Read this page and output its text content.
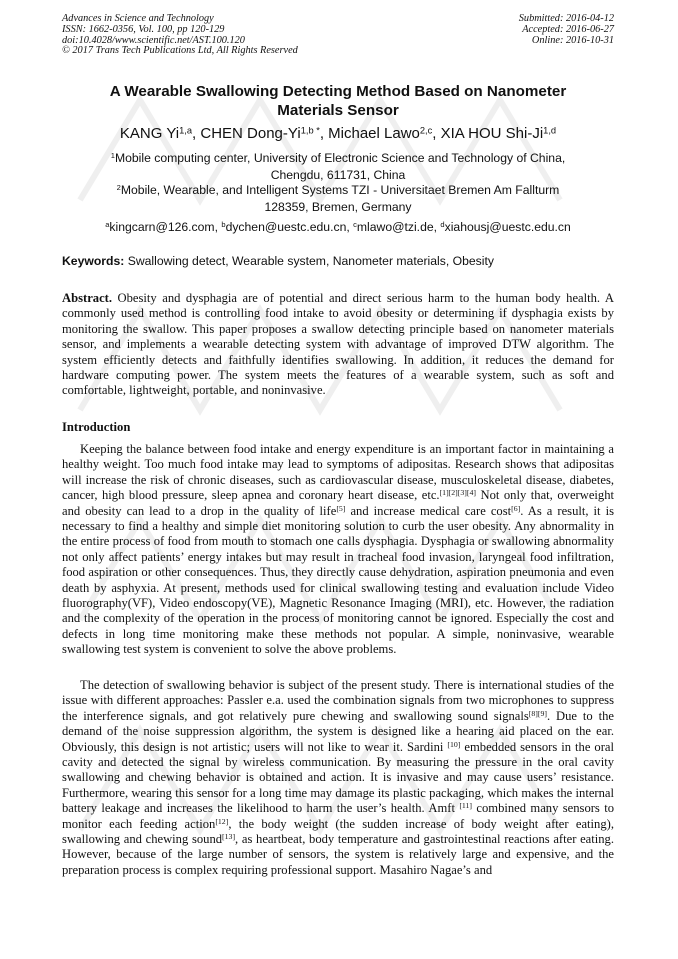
Advances in Science and Technology
ISSN: 1662-0356, Vol. 100, pp 120-129
doi:10.4028/www.scientific.net/AST.100.120
© 2017 Trans Tech Publications Ltd, All Rights Reserved
Submitted: 2016-04-12
Accepted: 2016-06-27
Online: 2016-10-31
A Wearable Swallowing Detecting Method Based on Nanometer
Materials Sensor
KANG Yi$^{1,a}$, CHEN Dong-$Yi^{1,b *}$, Michael Lawo$^{2,c}$, XIA HOU Shi-Ji$^{1,d}$
$^1$Mobile computing center, University of Electronic Science and Technology of China,
Chengdu, 611731, China
$^2$Mobile, Wearable, and Intelligent Systems TZI - Universitaet Bremen Am Fallturm
128359, Bremen, Germany
$^a$kingcarn@126.com, $^b$dychen@uestc.edu.cn, $^c$mlawo@tzi.de, $^d$xiahousj@uestc.edu.cn
Keywords: Swallowing detect, Wearable system, Nanometer materials, Obesity
Abstract. Obesity and dysphagia are of potential and direct serious harm to the human body health. A commonly used method is controlling food intake to avoid obesity or determining if dysphagia exists by monitoring the swallow. This paper proposes a swallow detecting principle based on nanometer materials sensor, and implements a wearable detecting system with advantage of improved DTW algorithm. The system efficiently detects and faithfully identifies swallowing. In addition, it reduces the demand for hardware computing power. The system meets the features of a wearable system, such as soft and comfortable, lightweight, portable, and noninvasive.
Introduction
Keeping the balance between food intake and energy expenditure is an important factor in maintaining a healthy weight. Too much food intake may lead to symptoms of adipositas. Research shows that adipositas will increase the risk of chronic diseases, such as cardiovascular disease, musculoskeletal disease, diabetes, cancer, high blood pressure, sleep apnea and coronary heart disease, etc.[1][2][3][4] Not only that, overweight and obesity can lead to a drop in the quality of life[5] and increase medical care cost[6]. As a result, it is necessary to find a healthy and simple diet monitoring solution to curb the user obesity. Any abnormality in the entire process of food from mouth to stomach one calls dysphagia. Dysphagia or swallowing abnormality not only affect patients’ energy intakes but may result in tracheal food invasion, laryngeal food infiltration, food aspiration or other consequences. Thus, they directly cause dehydration, aspiration pneumonia and even death by asphyxia. At present, methods used for clinical swallowing testing and evaluation include Video fluorography(VF), Video endoscopy(VE), Magnetic Resonance Imaging (MRI), etc. However, the radiation and the complexity of the operation in the process of monitoring cannot be ignored. Especially the cost and defects in long time monitoring make these methods not popular. A simple, noninvasive, wearable swallowing test system is convenient to solve the above problems.
The detection of swallowing behavior is subject of the present study. There is international studies of the issue with different approaches: Passler e.a. used the combination signals from two microphones to suppress the interference signals, and got relatively pure chewing and swallowing sound signals[8][9]. Due to the demand of the noise suppression algorithm, the system is designed like a hearing aid placed on the ear. Obviously, this design is not artistic; users will not like to wear it. Sardini [10] embedded sensors in the oral cavity and detected the signal by wireless communication. By measuring the pressure in the oral cavity swallowing and chewing behavior is obtained and action. It is invasive and may cause users’ resistance. Furthermore, wearing this sensor for a long time may damage its plastic packaging, which makes the internal battery leakage and increases the likelihood to harm the user’s health. Amft [11] combined many sensors to monitor each feeding action[12], the body weight (the sudden increase of body weight after eating), swallowing and chewing sound[13], as heartbeat, body temperature and gastrointestinal reactions after eating. However, because of the large number of sensors, the system is relatively large and expensive, and the preparation process is complex requiring professional support. Masahiro Nagae’s and
